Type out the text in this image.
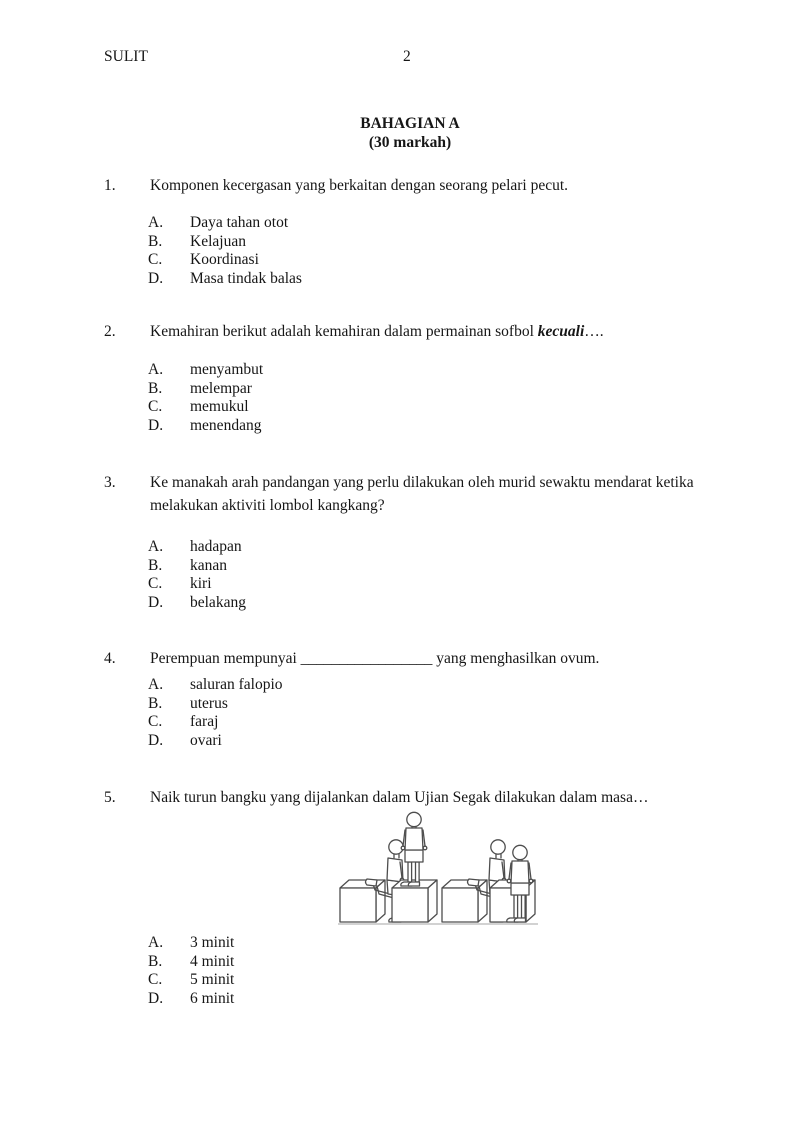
SULIT	2
BAHAGIAN A
(30 markah)
1. Komponen kecergasan yang berkaitan dengan seorang pelari pecut.
A.	Daya tahan otot
B.	Kelajuan
C.	Koordinasi
D.	Masa tindak balas
2. Kemahiran berikut adalah kemahiran dalam permainan sofbol kecuali….
A.	menyambut
B.	melempar
C.	memukul
D.	menendang
3. Ke manakah arah pandangan yang perlu dilakukan oleh murid sewaktu mendarat ketika
melakukan aktiviti lombol kangkang?
A.	hadapan
B.	kanan
C.	kiri
D.	belakang
4. Perempuan mempunyai _________________ yang menghasilkan ovum.
A.	saluran falopio
B.	uterus
C.	faraj
D.	ovari
5. Naik turun bangku yang dijalankan dalam Ujian Segak dilakukan dalam masa…
A.	3 minit
B.	4 minit
C.	5 minit
D.	6 minit
